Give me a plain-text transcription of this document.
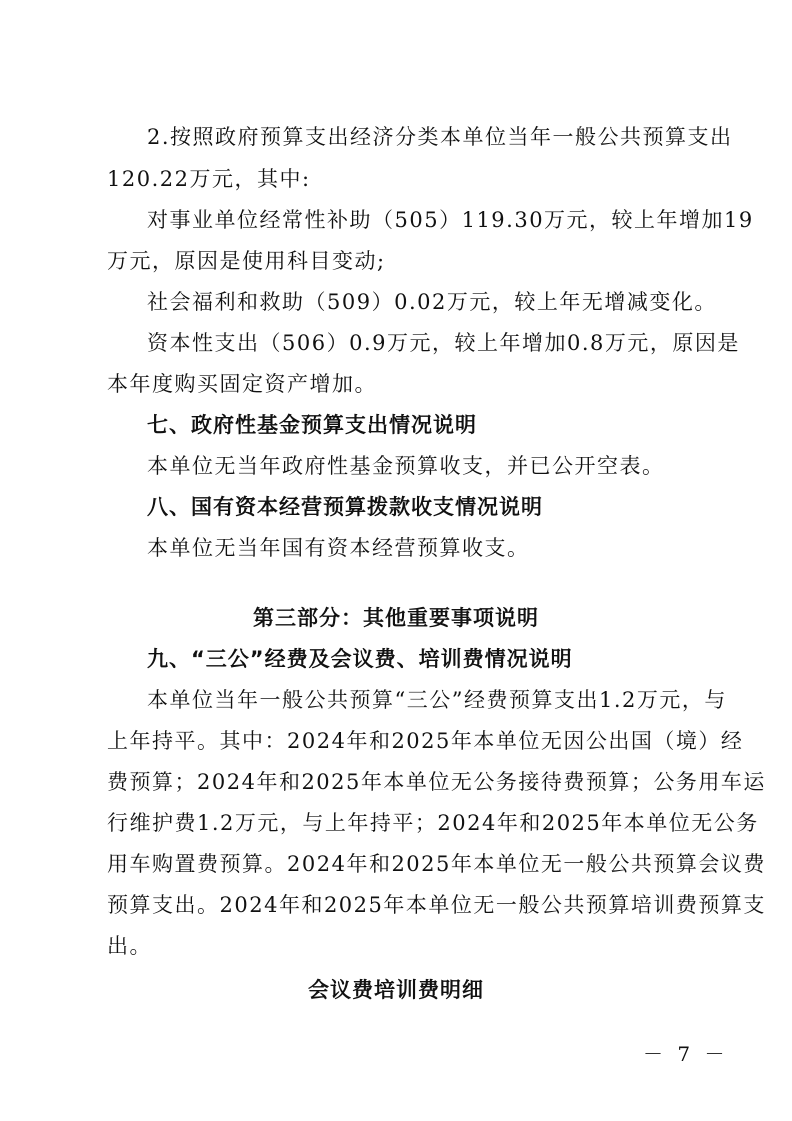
2.按照政府预算支出经济分类本单位当年一般公共预算支出
120.22万元，其中:
对事业单位经常性补助（505）119.30万元，较上年增加19
万元，原因是使用科目变动;
社会福利和救助（509）0.02万元，较上年无增减变化。
资本性支出（506）0.9万元，较上年增加0.8万元，原因是
本年度购买固定资产增加。
七、政府性基金预算支出情况说明
本单位无当年政府性基金预算收支，并已公开空表。
八、国有资本经营预算拨款收支情况说明
本单位无当年国有资本经营预算收支。
第三部分：其他重要事项说明
九、“三公”经费及会议费、培训费情况说明
本单位当年一般公共预算“三公”经费预算支出1.2万元，与
上年持平。其中：2024年和2025年本单位无因公出国（境）经
费预算；2024年和2025年本单位无公务接待费预算；公务用车运
行维护费1.2万元，与上年持平；2024年和2025年本单位无公务
用车购置费预算。2024年和2025年本单位无一般公共预算会议费
预算支出。2024年和2025年本单位无一般公共预算培训费预算支
出。
会议费培训费明细
－ 7 －
